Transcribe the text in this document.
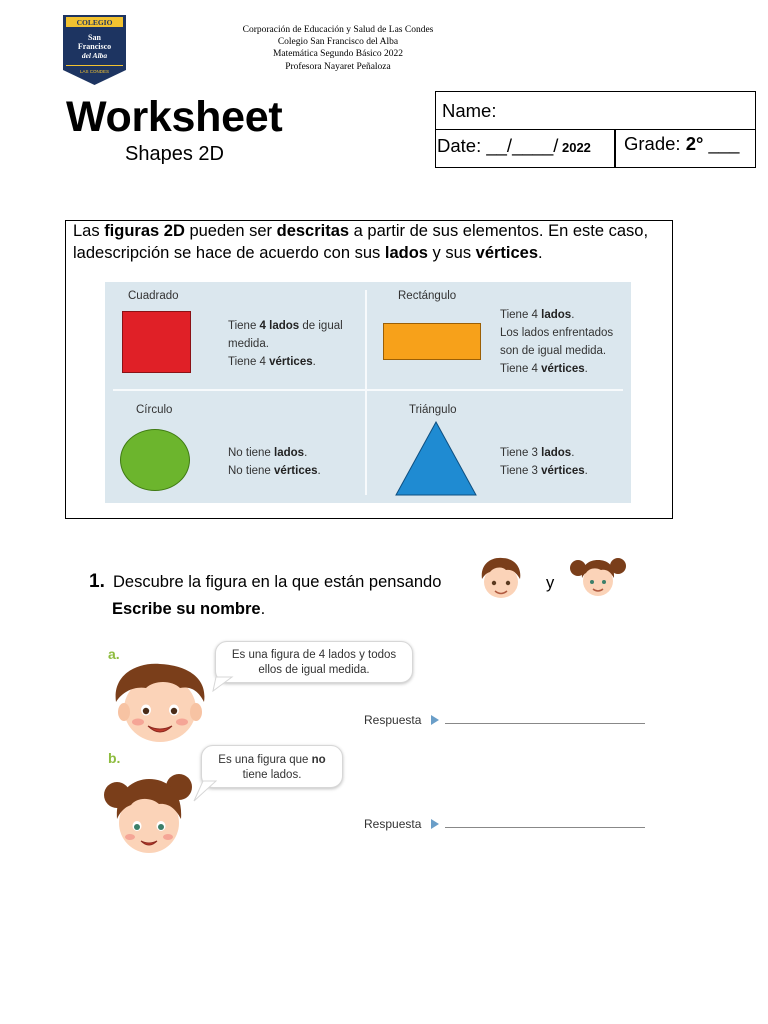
COLEGIO
San
Francisco
del Alba
LAS CONDES
Corporación de Educación y Salud de Las Condes
Colegio San Francisco del Alba
Matemática Segundo Básico 2022
Profesora Nayaret Peñaloza
Worksheet
Shapes 2D
Name:
Date: __/____/ 2022 Grade: 2° ___
Las figuras 2D pueden ser descritas a partir de sus elementos. En este caso, ladescripción se hace de acuerdo con sus lados y sus vértices.
Cuadrado
Tiene 4 lados de igual medida.
Tiene 4 vértices.
Rectángulo
Tiene 4 lados.
Los lados enfrentados son de igual medida.
Tiene 4 vértices.
Círculo
No tiene lados.
No tiene vértices.
Triángulo
Tiene 3 lados.
Tiene 3 vértices.
1. Descubre la figura en la que están pensando	y
Escribe su nombre.
a.	Es una figura de 4 lados y todos
ellos de igual medida.
Respuesta
b.	Es una figura que no
tiene lados.
Respuesta
